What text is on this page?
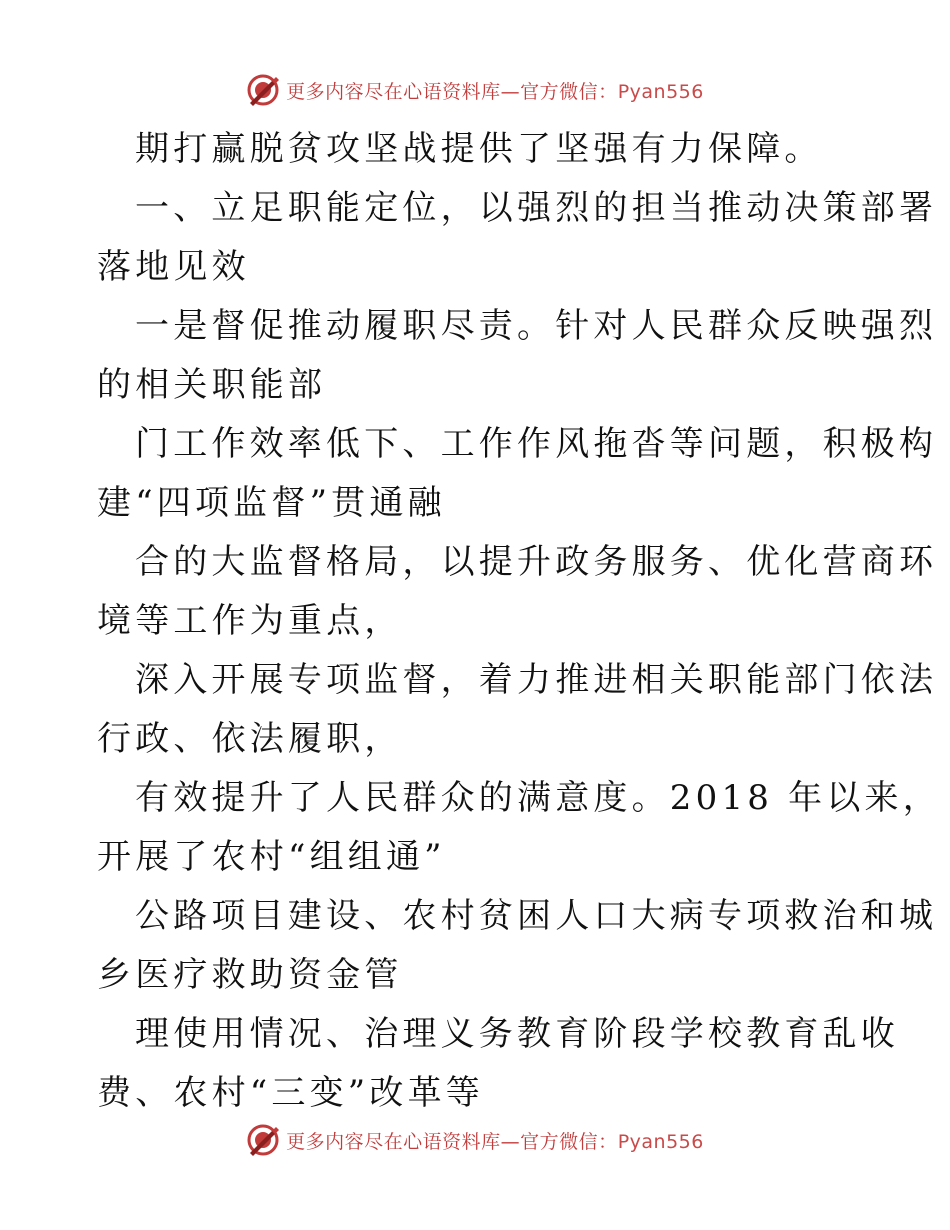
更多内容尽在心语资料库—官方微信：Pyan556
期打赢脱贫攻坚战提供了坚强有力保障。
一、立足职能定位，以强烈的担当推动决策部署
落地见效
一是督促推动履职尽责。针对人民群众反映强烈
的相关职能部
门工作效率低下、工作作风拖沓等问题，积极构
建“四项监督”贯通融
合的大监督格局，以提升政务服务、优化营商环
境等工作为重点，
深入开展专项监督，着力推进相关职能部门依法
行政、依法履职，
有效提升了人民群众的满意度。2018 年以来，
开展了农村“组组通”
公路项目建设、农村贫困人口大病专项救治和城
乡医疗救助资金管
理使用情况、治理义务教育阶段学校教育乱收
费、农村“三变”改革等
更多内容尽在心语资料库—官方微信：Pyan556
